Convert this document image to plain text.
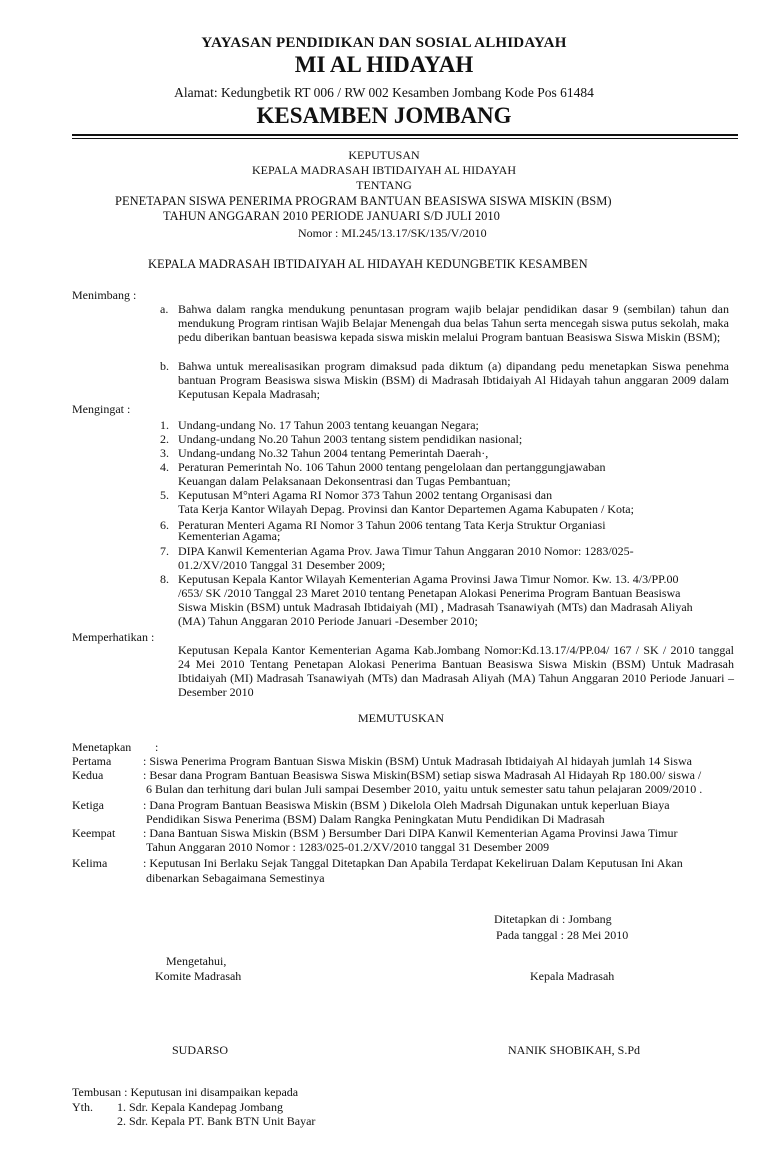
YAYASAN PENDIDIKAN DAN SOSIAL ALHIDAYAH
MI AL HIDAYAH
Alamat: Kedungbetik RT 006 / RW 002 Kesamben Jombang Kode Pos 61484
KESAMBEN JOMBANG
KEPUTUSAN
KEPALA MADRASAH IBTIDAIYAH AL HIDAYAH
TENTANG
PENETAPAN SISWA PENERIMA PROGRAM BANTUAN BEASISWA SISWA MISKIN (BSM)
TAHUN ANGGARAN 2010 PERIODE JANUARI S/D JULI 2010
Nomor : MI.245/13.17/SK/135/V/2010
KEPALA MADRASAH IBTIDAIYAH AL HIDAYAH KEDUNGBETIK KESAMBEN
Menimbang :
a. Bahwa dalam rangka mendukung penuntasan program wajib belajar pendidikan dasar 9 (sembilan) tahun dan mendukung Program rintisan Wajib Belajar Menengah dua belas Tahun serta mencegah siswa putus sekolah, maka pedu diberikan bantuan beasiswa kepada siswa miskin melalui Program bantuan Beasiswa Siswa Miskin (BSM);
b. Bahwa untuk merealisasikan program dimaksud pada diktum (a) dipandang pedu menetapkan Siswa penehma bantuan Program Beasiswa siswa Miskin (BSM) di Madrasah Ibtidaiyah Al Hidayah tahun anggaran 2009 dalam Keputusan Kepala Madrasah;
Mengingat :
1. Undang-undang No. 17 Tahun 2003 tentang keuangan Negara;
2. Undang-undang No.20 Tahun 2003 tentang sistem pendidikan nasional;
3. Undang-undang No.32 Tahun 2004 tentang Pemerintah Daerah·,
4. Peraturan Pemerintah No. 106 Tahun 2000 tentang pengelolaan dan pertanggungjawaban
Keuangan dalam Pelaksanaan Dekonsentrasi dan Tugas Pembantuan;
5. Keputusan M°nteri Agama RI Nomor 373 Tahun 2002 tentang Organisasi dan
Tata Kerja Kantor Wilayah Depag. Provinsi dan Kantor Departemen Agama Kabupaten / Kota;
6. Peraturan Menteri Agama RI Nomor 3 Tahun 2006 tentang Tata Kerja Struktur Organiasi
Kementerian Agama;
7. DIPA Kanwil Kementerian Agama Prov. Jawa Timur Tahun Anggaran 2010 Nomor: 1283/025-
01.2/XV/2010 Tanggal 31 Desember 2009;
8. Keputusan Kepala Kantor Wilayah Kementerian Agama Provinsi Jawa Timur Nomor. Kw. 13. 4/3/PP.00
/653/ SK /2010 Tanggal 23 Maret 2010 tentang Penetapan Alokasi Penerima Program Bantuan Beasiswa
Siswa Miskin (BSM) untuk Madrasah Ibtidaiyah (MI) , Madrasah Tsanawiyah (MTs) dan Madrasah Aliyah
(MA) Tahun Anggaran 2010 Periode Januari -Desember 2010;
Memperhatikan :
Keputusan Kepala Kantor Kementerian Agama Kab.Jombang Nomor:Kd.13.17/4/PP.04/ 167 / SK / 2010 tanggal 24 Mei 2010 Tentang Penetapan Alokasi Penerima Bantuan Beasiswa Siswa Miskin (BSM) Untuk Madrasah Ibtidaiyah (MI) Madrasah Tsanawiyah (MTs) dan Madrasah Aliyah (MA) Tahun Anggaran 2010 Periode Januari –Desember 2010
MEMUTUSKAN
Menetapkan :
Pertama	: Siswa Penerima Program Bantuan Siswa Miskin (BSM) Untuk Madrasah Ibtidaiyah Al hidayah jumlah 14 Siswa
Kedua	: Besar dana Program Bantuan Beasiswa Siswa Miskin(BSM) setiap siswa Madrasah Al Hidayah Rp 180.00/ siswa /
6 Bulan dan terhitung dari bulan Juli sampai Desember 2010, yaitu untuk semester satu tahun pelajaran 2009/2010 .
Ketiga	: Dana Program Bantuan Beasiswa Miskin (BSM ) Dikelola Oleh Madrsah Digunakan untuk keperluan Biaya
Pendidikan Siswa Penerima (BSM) Dalam Rangka Peningkatan Mutu Pendidikan Di Madrasah
Keempat : Dana Bantuan Siswa Miskin (BSM ) Bersumber Dari DIPA Kanwil Kementerian Agama Provinsi Jawa Timur
Tahun Anggaran 2010 Nomor : 1283/025-01.2/XV/2010 tanggal 31 Desember 2009
Kelima	: Keputusan Ini Berlaku Sejak Tanggal Ditetapkan Dan Apabila Terdapat Kekeliruan Dalam Keputusan Ini Akan
dibenarkan Sebagaimana Semestinya
Ditetapkan di : Jombang
Pada tanggal : 28 Mei 2010
Mengetahui,
Komite Madrasah	Kepala Madrasah
SUDARSO	NANIK SHOBIKAH, S.Pd
Tembusan : Keputusan ini disampaikan kepada
Yth. 1. Sdr. Kepala Kandepag Jombang
2. Sdr. Kepala PT. Bank BTN Unit Bayar
